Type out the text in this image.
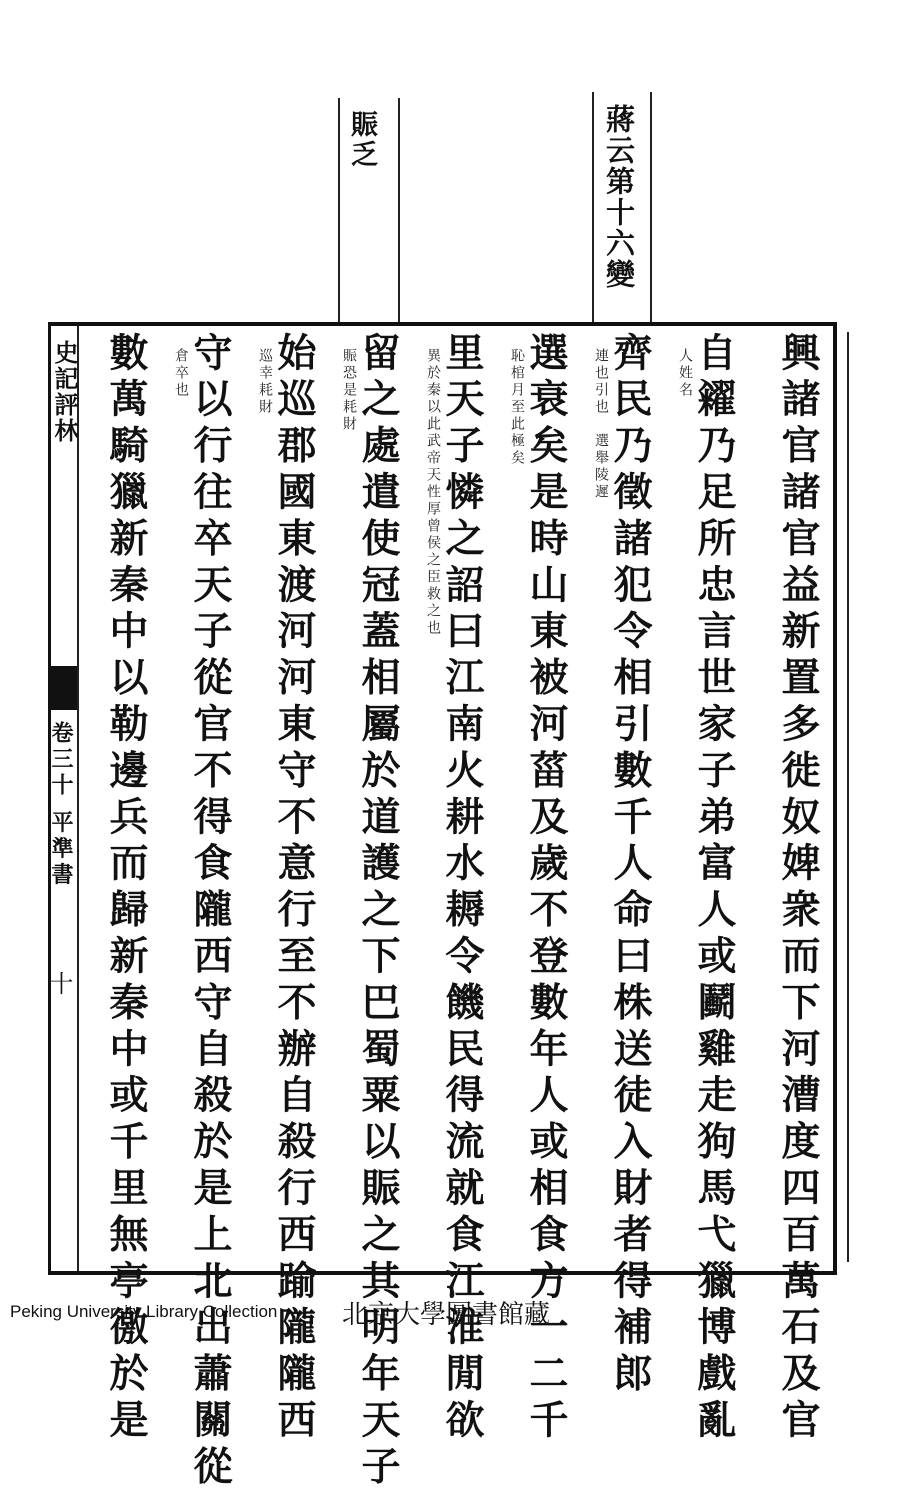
賑乏	蔣云第十六變
史記評林
卷三十 平準書
十	興諸官諸官益新置多徙奴婢衆而下河漕度四百萬石及官
自糴乃足所忠言世家子弟富人或鬬雞走狗馬弋獵博戲亂
人姓名
齊民乃徵諸犯令相引數千人命曰株送徒入財者得補郎
連也引也　選舉陵遲
選衰矣是時山東被河菑及歲不登數年人或相食方一二千
恥棺月至此極矣
里天子憐之詔曰江南火耕水耨令饑民得流就食江淮閒欲
異於秦以此武帝天性厚曾侯之臣救之也
留之處遣使冠蓋相屬於道護之下巴蜀粟以賑之其明年天子
賑恐是耗財
始巡郡國東渡河河東守不意行至不辦自殺行西踰隴隴西
巡幸耗財
守以行往卒天子從官不得食隴西守自殺於是上北出蕭關從
倉卒也
數萬騎獵新秦中以勒邊兵而歸新秦中或千里無亭徼於是
Peking University Library Collection 北京大學圖書館藏
